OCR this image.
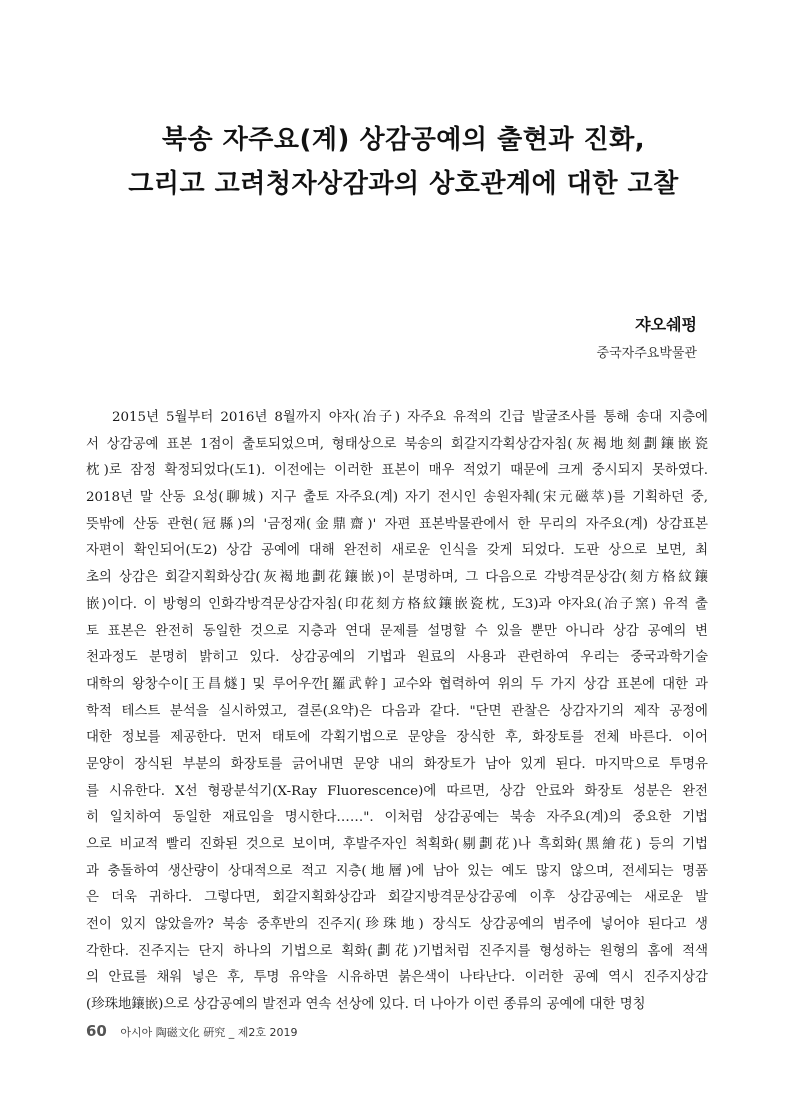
북송 자주요(계) 상감공예의 출현과 진화,
그리고 고려청자상감과의 상호관계에 대한 고찰
쟈오쉐펑
중국자주요박물관
2015년 5월부터 2016년 8월까지 야자(冶子) 자주요 유적의 긴급 발굴조사를 통해 송대 지층에
서 상감공예 표본 1점이 출토되었으며, 형태상으로 북송의 회갈지각획상감자침(灰褐地刻劃鑲嵌瓷
枕)로 잠정 확정되었다(도1). 이전에는 이러한 표본이 매우 적었기 때문에 크게 중시되지 못하였다.
2018년 말 산동 요성(聊城) 지구 출토 자주요(계) 자기 전시인 송원자췌(宋元磁萃)를 기획하던 중,
뜻밖에 산동 관현(冠縣)의 '금정재(金鼎齋)' 자편 표본박물관에서 한 무리의 자주요(계) 상감표본
자편이 확인되어(도2) 상감 공예에 대해 완전히 새로운 인식을 갖게 되었다. 도판 상으로 보면, 최
초의 상감은 회갈지획화상감(灰褐地劃花鑲嵌)이 분명하며, 그 다음으로 각방격문상감(刻方格紋鑲
嵌)이다. 이 방형의 인화각방격문상감자침(印花刻方格紋鑲嵌瓷枕, 도3)과 야자요(冶子窯) 유적 출
토 표본은 완전히 동일한 것으로 지층과 연대 문제를 설명할 수 있을 뿐만 아니라 상감 공예의 변
천과정도 분명히 밝히고 있다. 상감공예의 기법과 원료의 사용과 관련하여 우리는 중국과학기술
대학의 왕창수이[王昌燧] 및 루어우깐[羅武幹] 교수와 협력하여 위의 두 가지 상감 표본에 대한 과
학적 테스트 분석을 실시하였고, 결론(요약)은 다음과 같다. "단면 관찰은 상감자기의 제작 공정에
대한 정보를 제공한다. 먼저 태토에 각획기법으로 문양을 장식한 후, 화장토를 전체 바른다. 이어
문양이 장식된 부분의 화장토를 긁어내면 문양 내의 화장토가 남아 있게 된다. 마지막으로 투명유
를 시유한다. X선 형광분석기(X-Ray Fluorescence)에 따르면, 상감 안료와 화장토 성분은 완전
히 일치하여 동일한 재료임을 명시한다……". 이처럼 상감공예는 북송 자주요(계)의 중요한 기법
으로 비교적 빨리 진화된 것으로 보이며, 후발주자인 척획화(剔劃花)나 흑회화(黑繪花) 등의 기법
과 충돌하여 생산량이 상대적으로 적고 지층(地層)에 남아 있는 예도 많지 않으며, 전세되는 명품
은 더욱 귀하다. 그렇다면, 회갈지획화상감과 회갈지방격문상감공예 이후 상감공예는 새로운 발
전이 있지 않았을까? 북송 중후반의 진주지(珍珠地) 장식도 상감공예의 범주에 넣어야 된다고 생
각한다. 진주지는 단지 하나의 기법으로 획화(劃花)기법처럼 진주지를 형성하는 원형의 홈에 적색
의 안료를 채워 넣은 후, 투명 유약을 시유하면 붉은색이 나타난다. 이러한 공예 역시 진주지상감
(珍珠地鑲嵌)으로 상감공예의 발전과 연속 선상에 있다. 더 나아가 이런 종류의 공예에 대한 명칭
60 아시아 陶磁文化 硏究 _ 제2호 2019
